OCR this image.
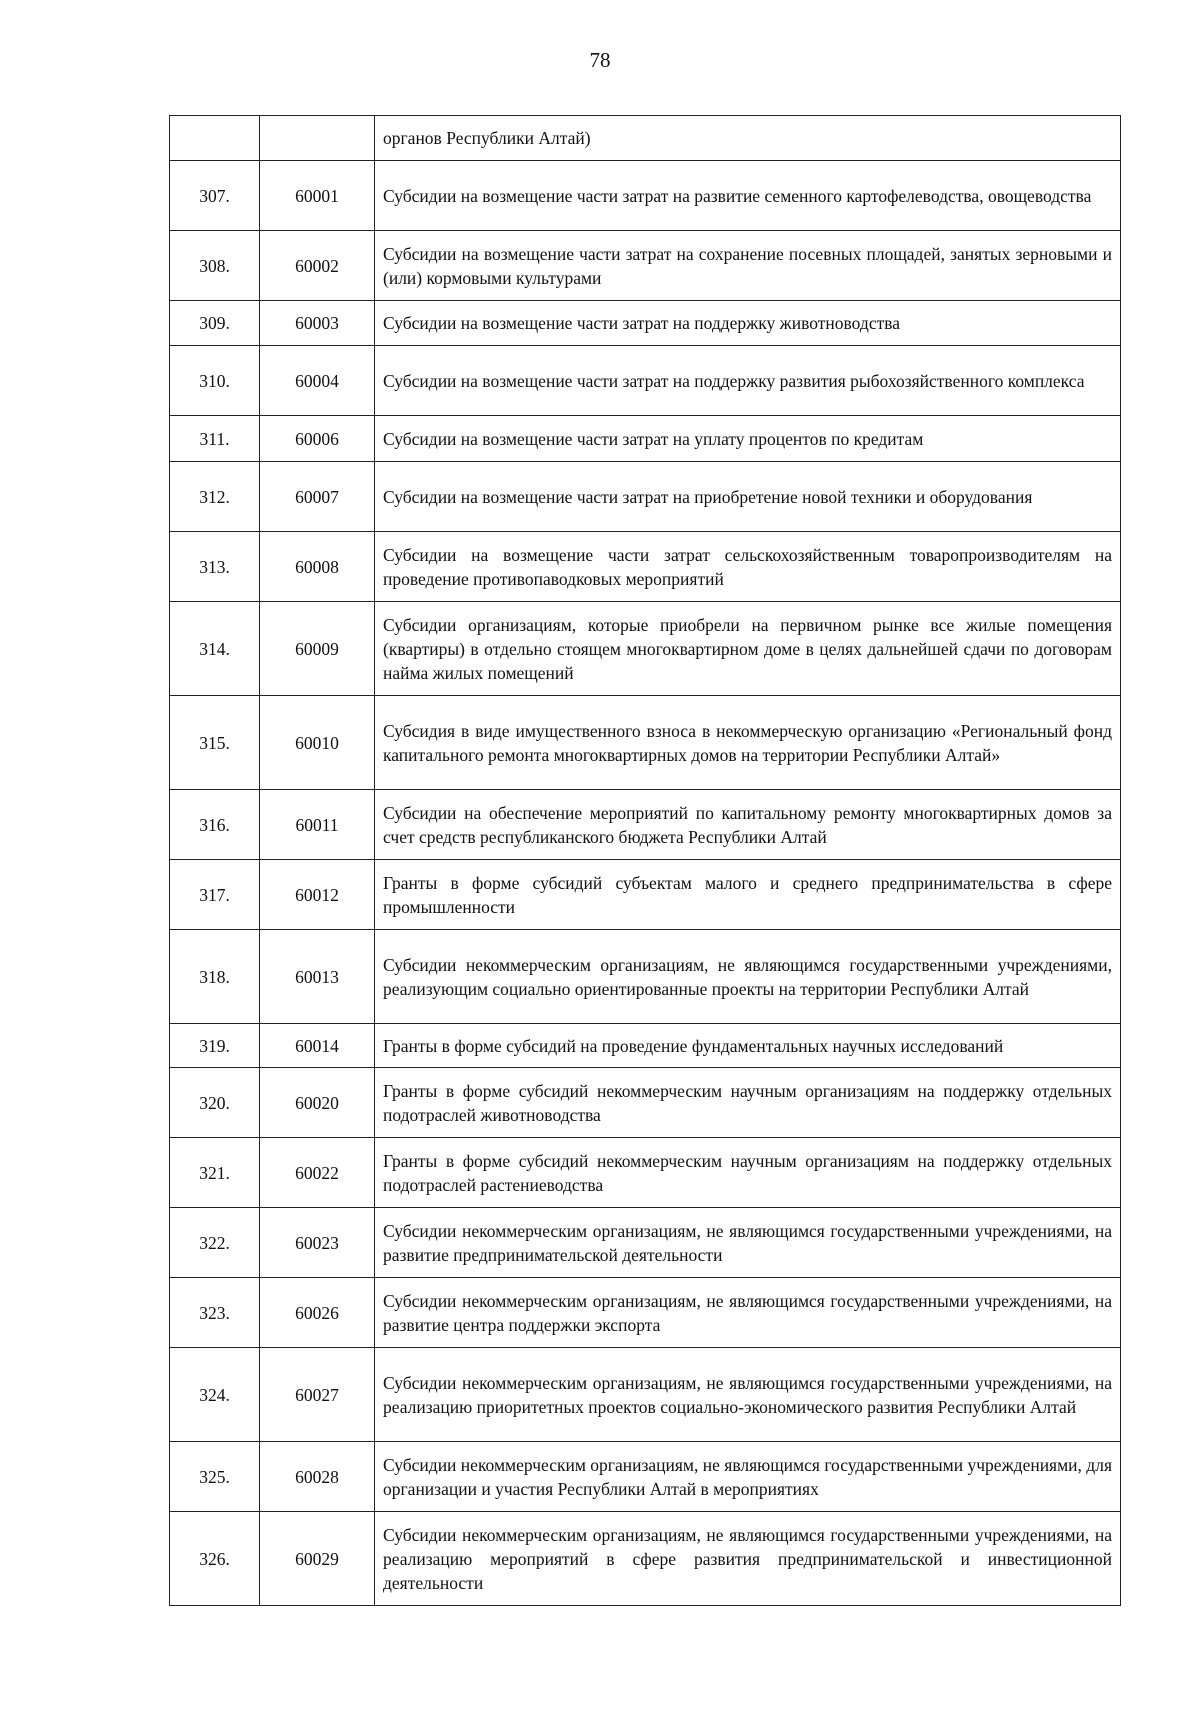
78
		органов Республики Алтай)
307.	60001	Субсидии на возмещение части затрат на развитие семенного картофелеводства, овощеводства
308.	60002	Субсидии на возмещение части затрат на сохранение посевных площадей, занятых зерновыми и (или) кормовыми культурами
309.	60003	Субсидии на возмещение части затрат на поддержку животноводства
310.	60004	Субсидии на возмещение части затрат на поддержку развития рыбохозяйственного комплекса
311.	60006	Субсидии на возмещение части затрат на уплату процентов по кредитам
312.	60007	Субсидии на возмещение части затрат на приобретение новой техники и оборудования
313.	60008	Субсидии на возмещение части затрат сельскохозяйственным товаропроизводителям на проведение противопаводковых мероприятий
314.	60009	Субсидии организациям, которые приобрели на первичном рынке все жилые помещения (квартиры) в отдельно стоящем многоквартирном доме в целях дальнейшей сдачи по договорам найма жилых помещений
315.	60010	Субсидия в виде имущественного взноса в некоммерческую организацию «Региональный фонд капитального ремонта многоквартирных домов на территории Республики Алтай»
316.	60011	Субсидии на обеспечение мероприятий по капитальному ремонту многоквартирных домов за счет средств республиканского бюджета Республики Алтай
317.	60012	Гранты в форме субсидий субъектам малого и среднего предпринимательства в сфере промышленности
318.	60013	Субсидии некоммерческим организациям, не являющимся государственными учреждениями, реализующим социально ориентированные проекты на территории Республики Алтай
319.	60014	Гранты в форме субсидий на проведение фундаментальных научных исследований
320.	60020	Гранты в форме субсидий некоммерческим научным организациям на поддержку отдельных подотраслей животноводства
321.	60022	Гранты в форме субсидий некоммерческим научным организациям на поддержку отдельных подотраслей растениеводства
322.	60023	Субсидии некоммерческим организациям, не являющимся государственными учреждениями, на развитие предпринимательской деятельности
323.	60026	Субсидии некоммерческим организациям, не являющимся государственными учреждениями, на развитие центра поддержки экспорта
324.	60027	Субсидии некоммерческим организациям, не являющимся государственными учреждениями, на реализацию приоритетных проектов социально-экономического развития Республики Алтай
325.	60028	Субсидии некоммерческим организациям, не являющимся государственными учреждениями, для организации и участия Республики Алтай в мероприятиях
326.	60029	Субсидии некоммерческим организациям, не являющимся государственными учреждениями, на реализацию мероприятий в сфере развития предпринимательской и инвестиционной деятельности
